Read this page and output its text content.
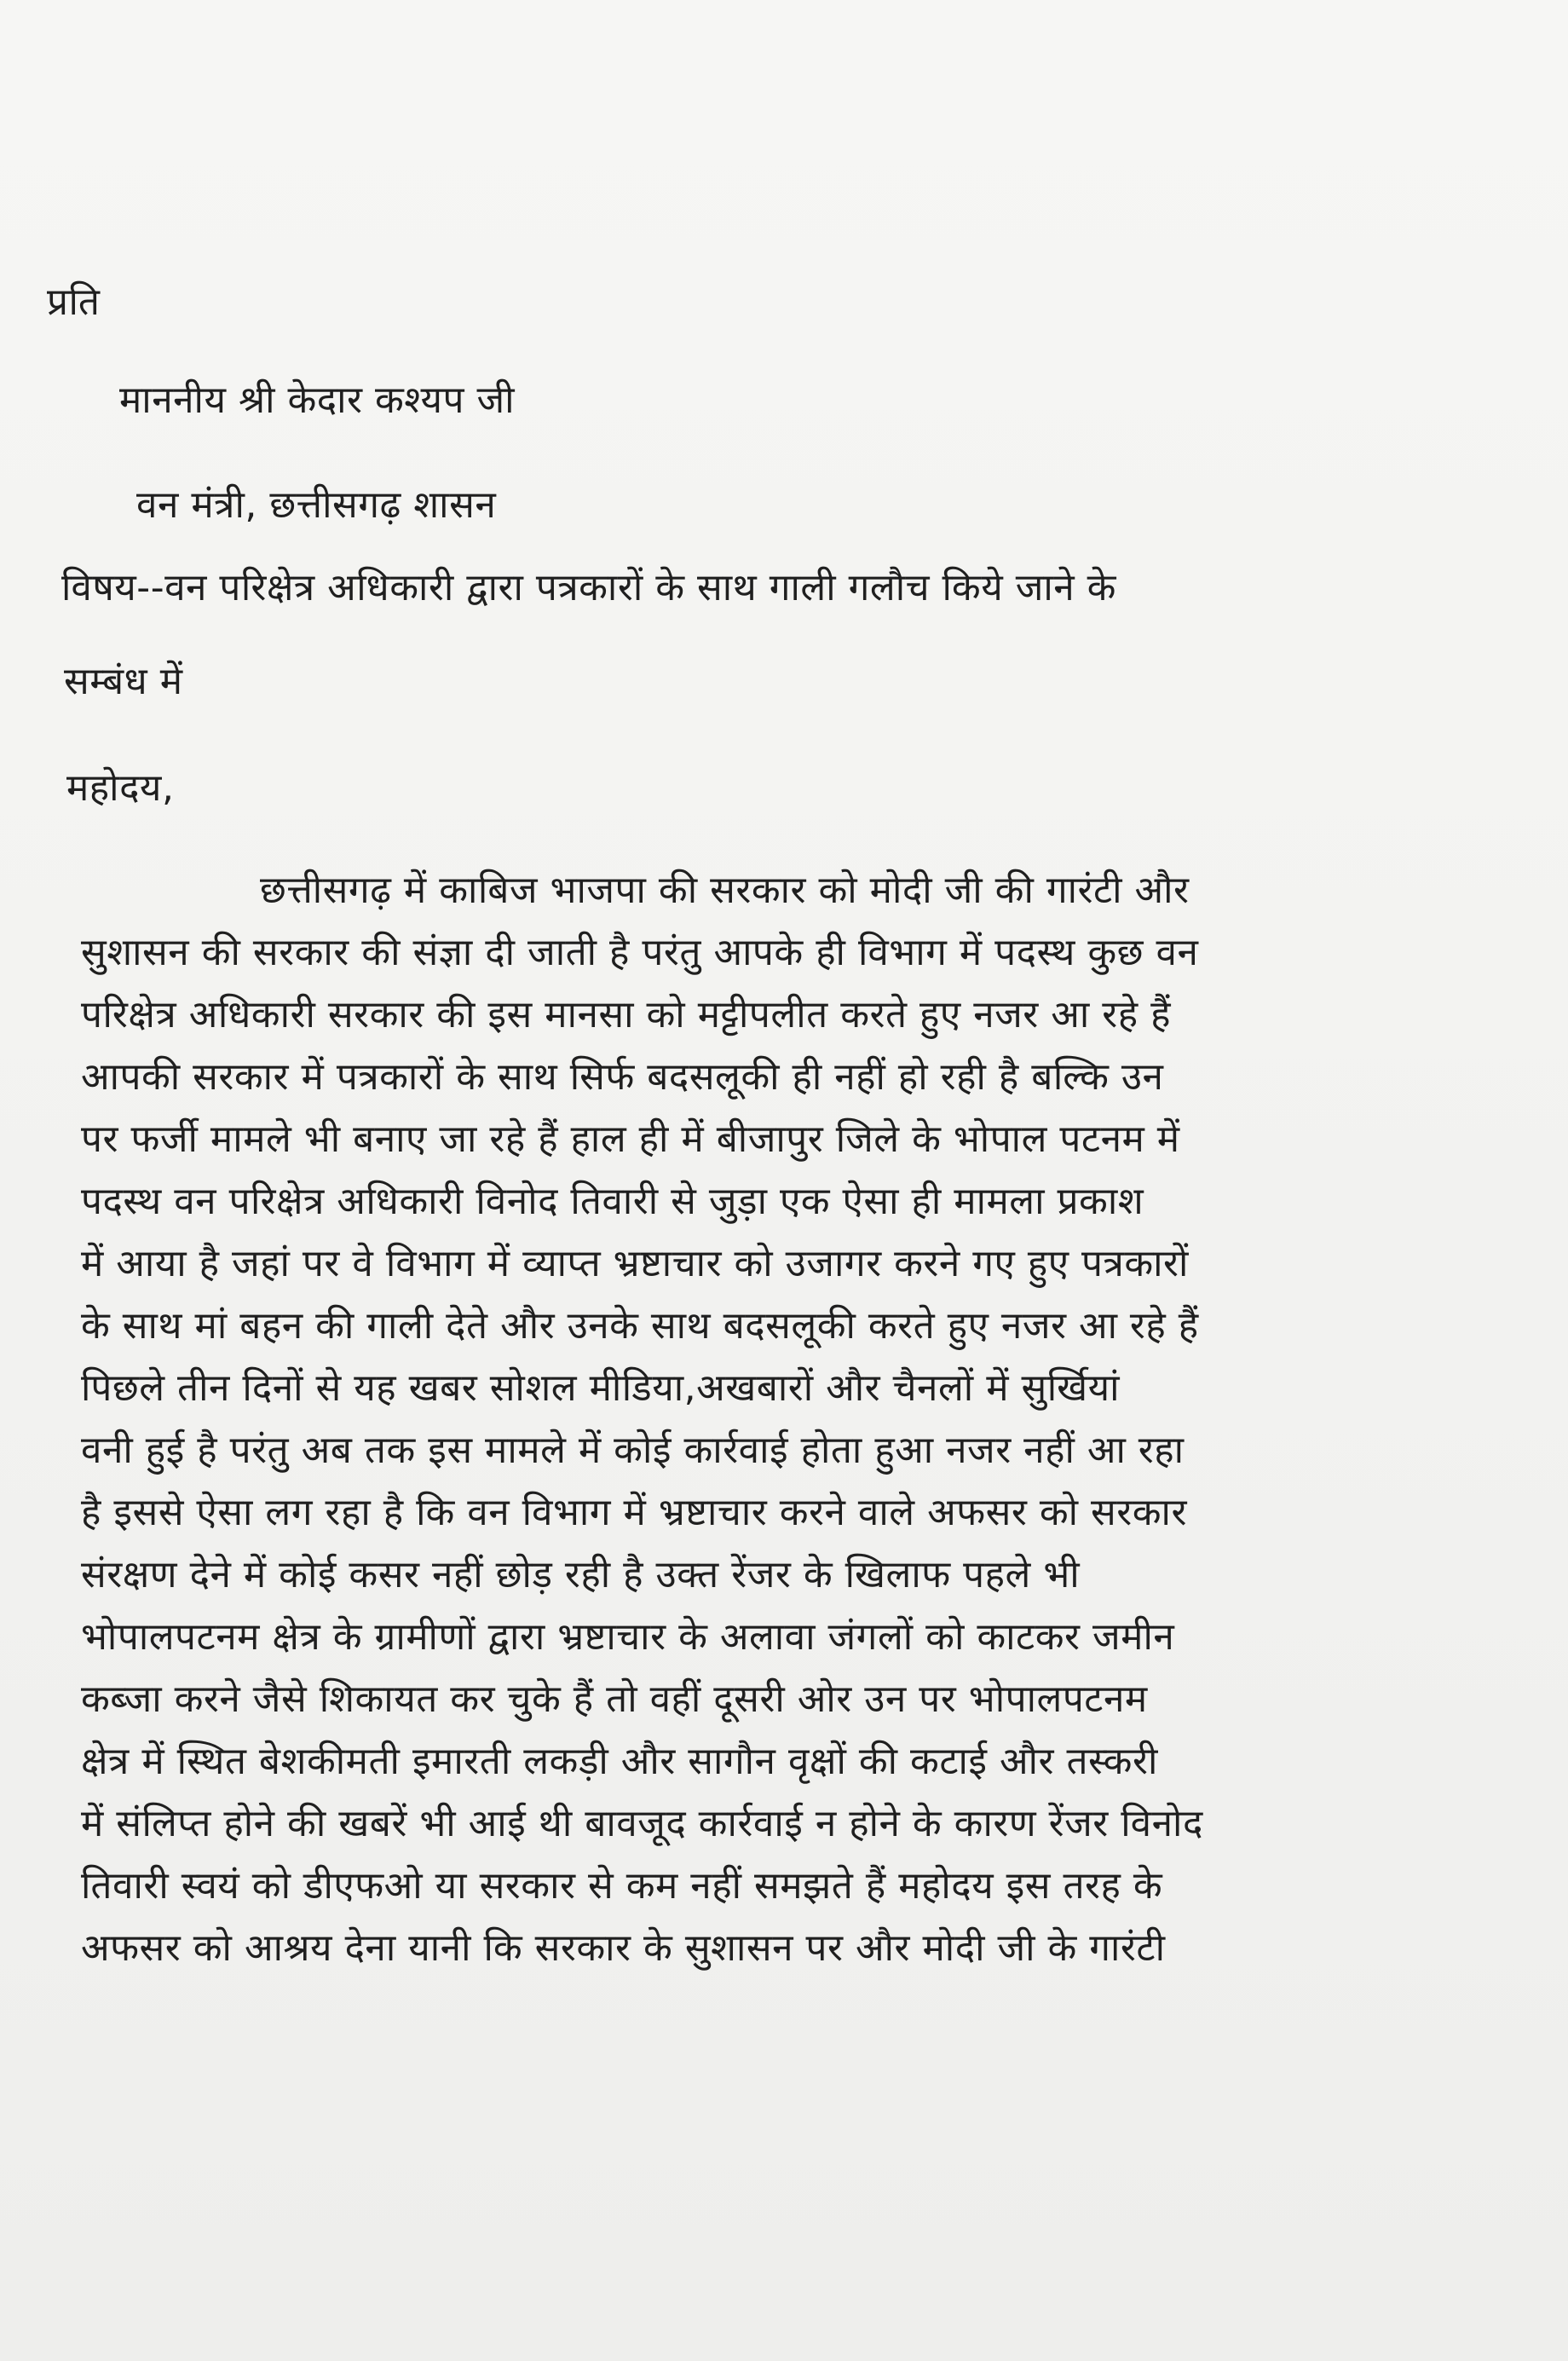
प्रति

माननीय श्री केदार कश्यप जी

वन मंत्री, छत्तीसगढ़ शासन

विषय--वन परिक्षेत्र अधिकारी द्वारा पत्रकारों के साथ गाली गलौच किये जाने के

सम्बंध में

महोदय,

छत्तीसगढ़ में काबिज भाजपा की सरकार को मोदी जी की गारंटी और

सुशासन की सरकार की संज्ञा दी जाती है परंतु आपके ही विभाग में पदस्थ कुछ वन

परिक्षेत्र अधिकारी सरकार की इस मानसा को मट्टीपलीत करते हुए नजर आ रहे हैं

आपकी सरकार में पत्रकारों के साथ सिर्फ बदसलूकी ही नहीं हो रही है बल्कि उन

पर फर्जी मामले भी बनाए जा रहे हैं हाल ही में बीजापुर जिले के भोपाल पटनम में

पदस्थ वन परिक्षेत्र अधिकारी विनोद तिवारी से जुड़ा एक ऐसा ही मामला प्रकाश

में आया है जहां पर वे विभाग में व्याप्त भ्रष्टाचार को उजागर करने गए हुए पत्रकारों

के साथ मां बहन की गाली देते और उनके साथ बदसलूकी करते हुए नजर आ रहे हैं

पिछले तीन दिनों से यह खबर सोशल मीडिया,अखबारों और चैनलों में सुर्खियां

वनी हुई है परंतु अब तक इस मामले में कोई कार्रवाई होता हुआ नजर नहीं आ रहा

है इससे ऐसा लग रहा है कि वन विभाग में भ्रष्टाचार करने वाले अफसर को सरकार

संरक्षण देने में कोई कसर नहीं छोड़ रही है उक्त रेंजर के खिलाफ पहले भी

भोपालपटनम क्षेत्र के ग्रामीणों द्वारा भ्रष्टाचार के अलावा जंगलों को काटकर जमीन

कब्जा करने जैसे शिकायत कर चुके हैं तो वहीं दूसरी ओर उन पर भोपालपटनम

क्षेत्र में स्थित बेशकीमती इमारती लकड़ी और सागौन वृक्षों की कटाई और तस्करी

में संलिप्त होने की खबरें भी आई थी बावजूद कार्रवाई न होने के कारण रेंजर विनोद

तिवारी स्वयं को डीएफओ या सरकार से कम नहीं समझते हैं महोदय इस तरह के

अफसर को आश्रय देना यानी कि सरकार के सुशासन पर और मोदी जी के गारंटी
